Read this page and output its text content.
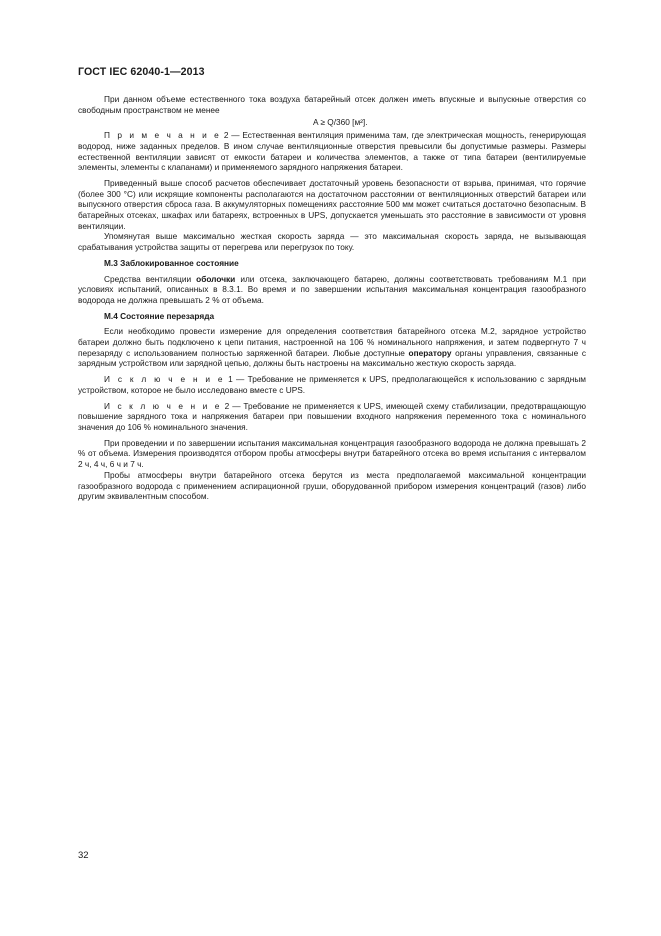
ГОСТ IEC 62040-1—2013

При данном объеме естественного тока воздуха батарейный отсек должен иметь впускные и выпускные отверстия со свободным пространством не менее

A ≥ Q/360 [м²].

П р и м е ч а н и е 2 — Естественная вентиляция применима там, где электрическая мощность, генерирующая водород, ниже заданных пределов. В ином случае вентиляционные отверстия превысили бы допустимые размеры. Размеры естественной вентиляции зависят от емкости батареи и количества элементов, а также от типа батареи (вентилируемые элементы, элементы с клапанами) и применяемого зарядного напряжения батареи.

Приведенный выше способ расчетов обеспечивает достаточный уровень безопасности от взрыва, принимая, что горячие (более 300 °С) или искрящие компоненты располагаются на достаточном расстоянии от вентиляционных отверстий батареи или выпускного отверстия сброса газа. В аккумуляторных помещениях расстояние 500 мм может считаться достаточно безопасным. В батарейных отсеках, шкафах или батареях, встроенных в UPS, допускается уменьшать это расстояние в зависимости от уровня вентиляции.

Упомянутая выше максимально жесткая скорость заряда — это максимальная скорость заряда, не вызывающая срабатывания устройства защиты от перегрева или перегрузок по току.

М.3 Заблокированное состояние

Средства вентиляции оболочки или отсека, заключающего батарею, должны соответствовать требованиям М.1 при условиях испытаний, описанных в 8.3.1. Во время и по завершении испытания максимальная концентрация газообразного водорода не должна превышать 2 % от объема.

М.4 Состояние перезаряда

Если необходимо провести измерение для определения соответствия батарейного отсека М.2, зарядное устройство батареи должно быть подключено к цепи питания, настроенной на 106 % номинального напряжения, и затем подвергнуто 7 ч перезаряду с использованием полностью заряженной батареи. Любые доступные оператору органы управления, связанные с зарядным устройством или зарядной цепью, должны быть настроены на максимально жесткую скорость заряда.

И с к л ю ч е н и е 1 — Требование не применяется к UPS, предполагающейся к использованию с зарядным устройством, которое не было исследовано вместе с UPS.

И с к л ю ч е н и е 2 — Требование не применяется к UPS, имеющей схему стабилизации, предотвращающую повышение зарядного тока и напряжения батареи при повышении входного напряжения переменного тока с номинального значения до 106 % номинального значения.

При проведении и по завершении испытания максимальная концентрация газообразного водорода не должна превышать 2 % от объема. Измерения производятся отбором пробы атмосферы внутри батарейного отсека во время испытания с интервалом 2 ч, 4 ч, 6 ч и 7 ч.

Пробы атмосферы внутри батарейного отсека берутся из места предполагаемой максимальной концентрации газообразного водорода с применением аспирационной груши, оборудованной прибором измерения концентраций (газов) либо другим эквивалентным способом.

32
